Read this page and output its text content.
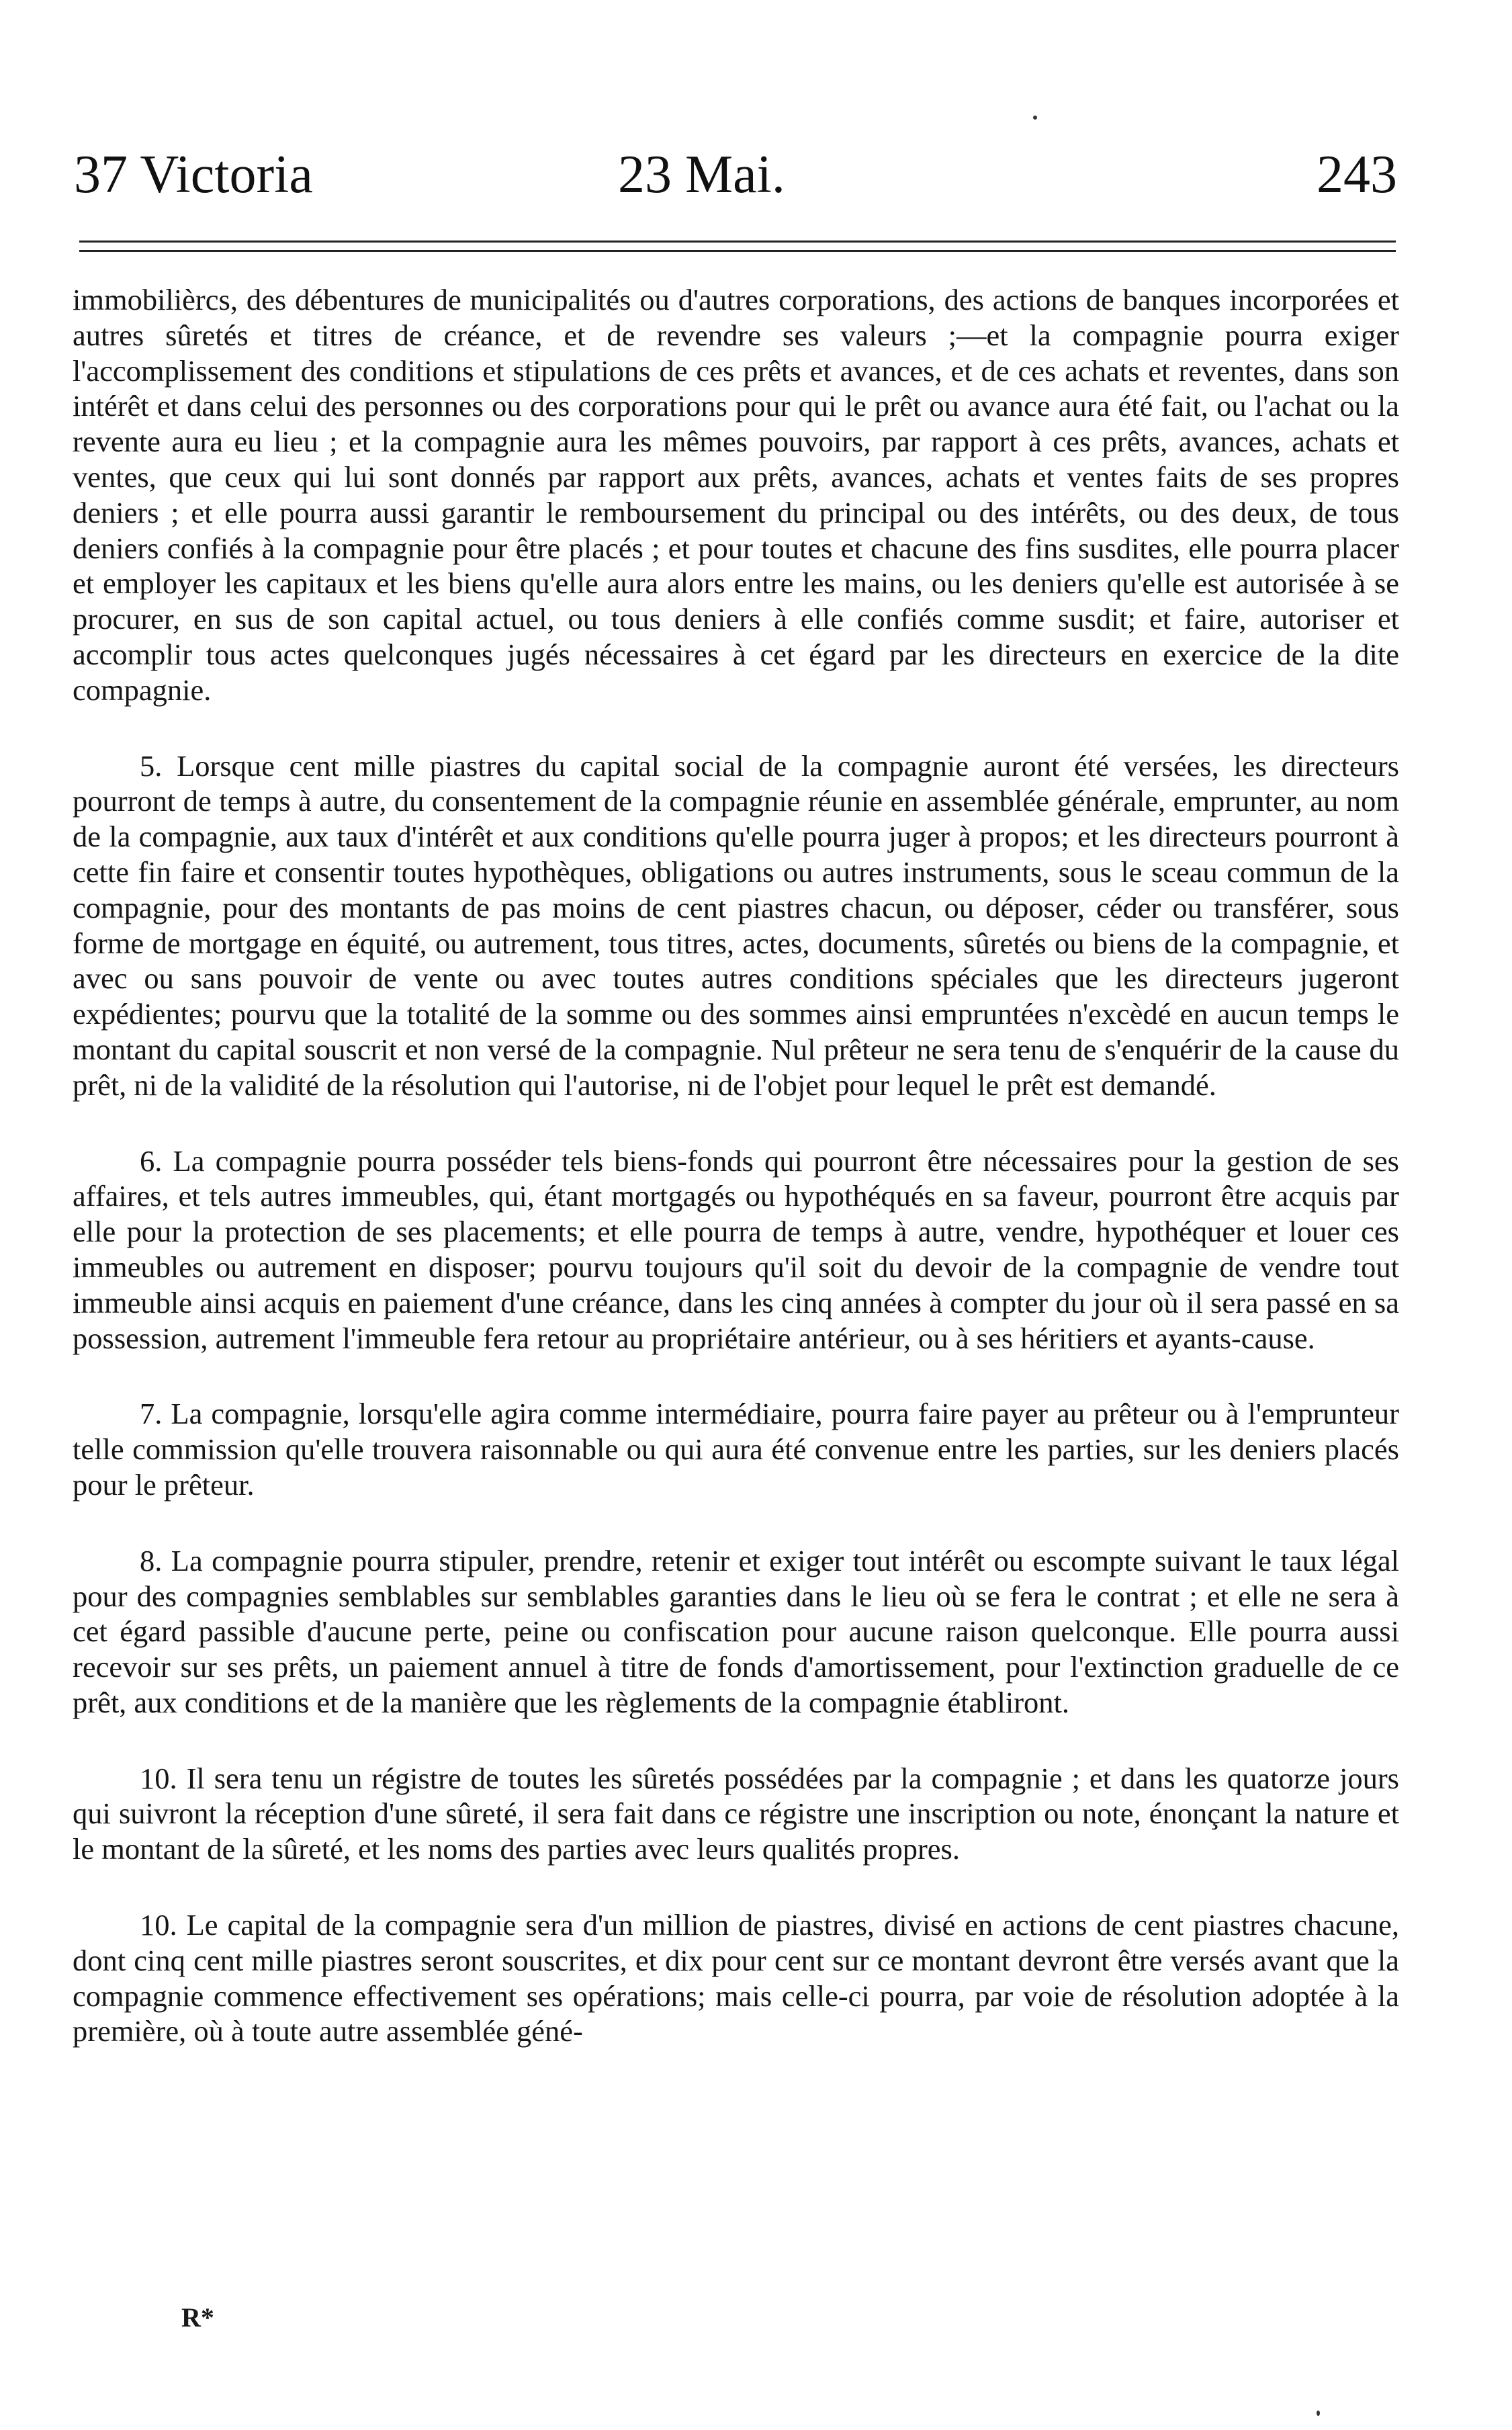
37 Victoria	23 Mai.	243

immobilièrcs, des débentures de municipalités ou d'autres corporations, des actions de banques incorporées et autres sûretés et titres de créance, et de revendre ses valeurs ;—et la compagnie pourra exiger l'accomplissement des conditions et stipulations de ces prêts et avances, et de ces achats et reventes, dans son intérêt et dans celui des personnes ou des corporations pour qui le prêt ou avance aura été fait, ou l'achat ou la revente aura eu lieu ; et la compagnie aura les mêmes pouvoirs, par rapport à ces prêts, avances, achats et ventes, que ceux qui lui sont donnés par rapport aux prêts, avances, achats et ventes faits de ses propres deniers ; et elle pourra aussi garantir le remboursement du principal ou des intérêts, ou des deux, de tous deniers confiés à la compagnie pour être placés ; et pour toutes et chacune des fins susdites, elle pourra placer et employer les capitaux et les biens qu'elle aura alors entre les mains, ou les deniers qu'elle est autorisée à se procurer, en sus de son capital actuel, ou tous deniers à elle confiés comme susdit; et faire, autoriser et accomplir tous actes quelconques jugés nécessaires à cet égard par les directeurs en exercice de la dite compagnie.

5. Lorsque cent mille piastres du capital social de la compagnie auront été versées, les directeurs pourront de temps à autre, du consentement de la compagnie réunie en assemblée générale, emprunter, au nom de la compagnie, aux taux d'intérêt et aux conditions qu'elle pourra juger à propos; et les directeurs pourront à cette fin faire et consentir toutes hypothèques, obligations ou autres instruments, sous le sceau commun de la compagnie, pour des montants de pas moins de cent piastres chacun, ou déposer, céder ou transférer, sous forme de mortgage en équité, ou autrement, tous titres, actes, documents, sûretés ou biens de la compagnie, et avec ou sans pouvoir de vente ou avec toutes autres conditions spéciales que les directeurs jugeront expédientes; pourvu que la totalité de la somme ou des sommes ainsi empruntées n'excèdé en aucun temps le montant du capital souscrit et non versé de la compagnie. Nul prêteur ne sera tenu de s'enquérir de la cause du prêt, ni de la validité de la résolution qui l'autorise, ni de l'objet pour lequel le prêt est demandé.

6. La compagnie pourra posséder tels biens-fonds qui pourront être nécessaires pour la gestion de ses affaires, et tels autres immeubles, qui, étant mortgagés ou hypothéqués en sa faveur, pourront être acquis par elle pour la protection de ses placements; et elle pourra de temps à autre, vendre, hypothéquer et louer ces immeubles ou autrement en disposer; pourvu toujours qu'il soit du devoir de la compagnie de vendre tout immeuble ainsi acquis en paiement d'une créance, dans les cinq années à compter du jour où il sera passé en sa possession, autrement l'immeuble fera retour au propriétaire antérieur, ou à ses héritiers et ayants-cause.

7. La compagnie, lorsqu'elle agira comme intermédiaire, pourra faire payer au prêteur ou à l'emprunteur telle commission qu'elle trouvera raisonnable ou qui aura été convenue entre les parties, sur les deniers placés pour le prêteur.

8. La compagnie pourra stipuler, prendre, retenir et exiger tout intérêt ou escompte suivant le taux légal pour des compagnies semblables sur semblables garanties dans le lieu où se fera le contrat ; et elle ne sera à cet égard passible d'aucune perte, peine ou confiscation pour aucune raison quelconque. Elle pourra aussi recevoir sur ses prêts, un paiement annuel à titre de fonds d'amortissement, pour l'extinction graduelle de ce prêt, aux conditions et de la manière que les règlements de la compagnie établiront.

10. Il sera tenu un régistre de toutes les sûretés possédées par la compagnie ; et dans les quatorze jours qui suivront la réception d'une sûreté, il sera fait dans ce régistre une inscription ou note, énonçant la nature et le montant de la sûreté, et les noms des parties avec leurs qualités propres.

10. Le capital de la compagnie sera d'un million de piastres, divisé en actions de cent piastres chacune, dont cinq cent mille piastres seront souscrites, et dix pour cent sur ce montant devront être versés avant que la compagnie commence effectivement ses opérations; mais celle-ci pourra, par voie de résolution adoptée à la première, où à toute autre assemblée géné-

R*
